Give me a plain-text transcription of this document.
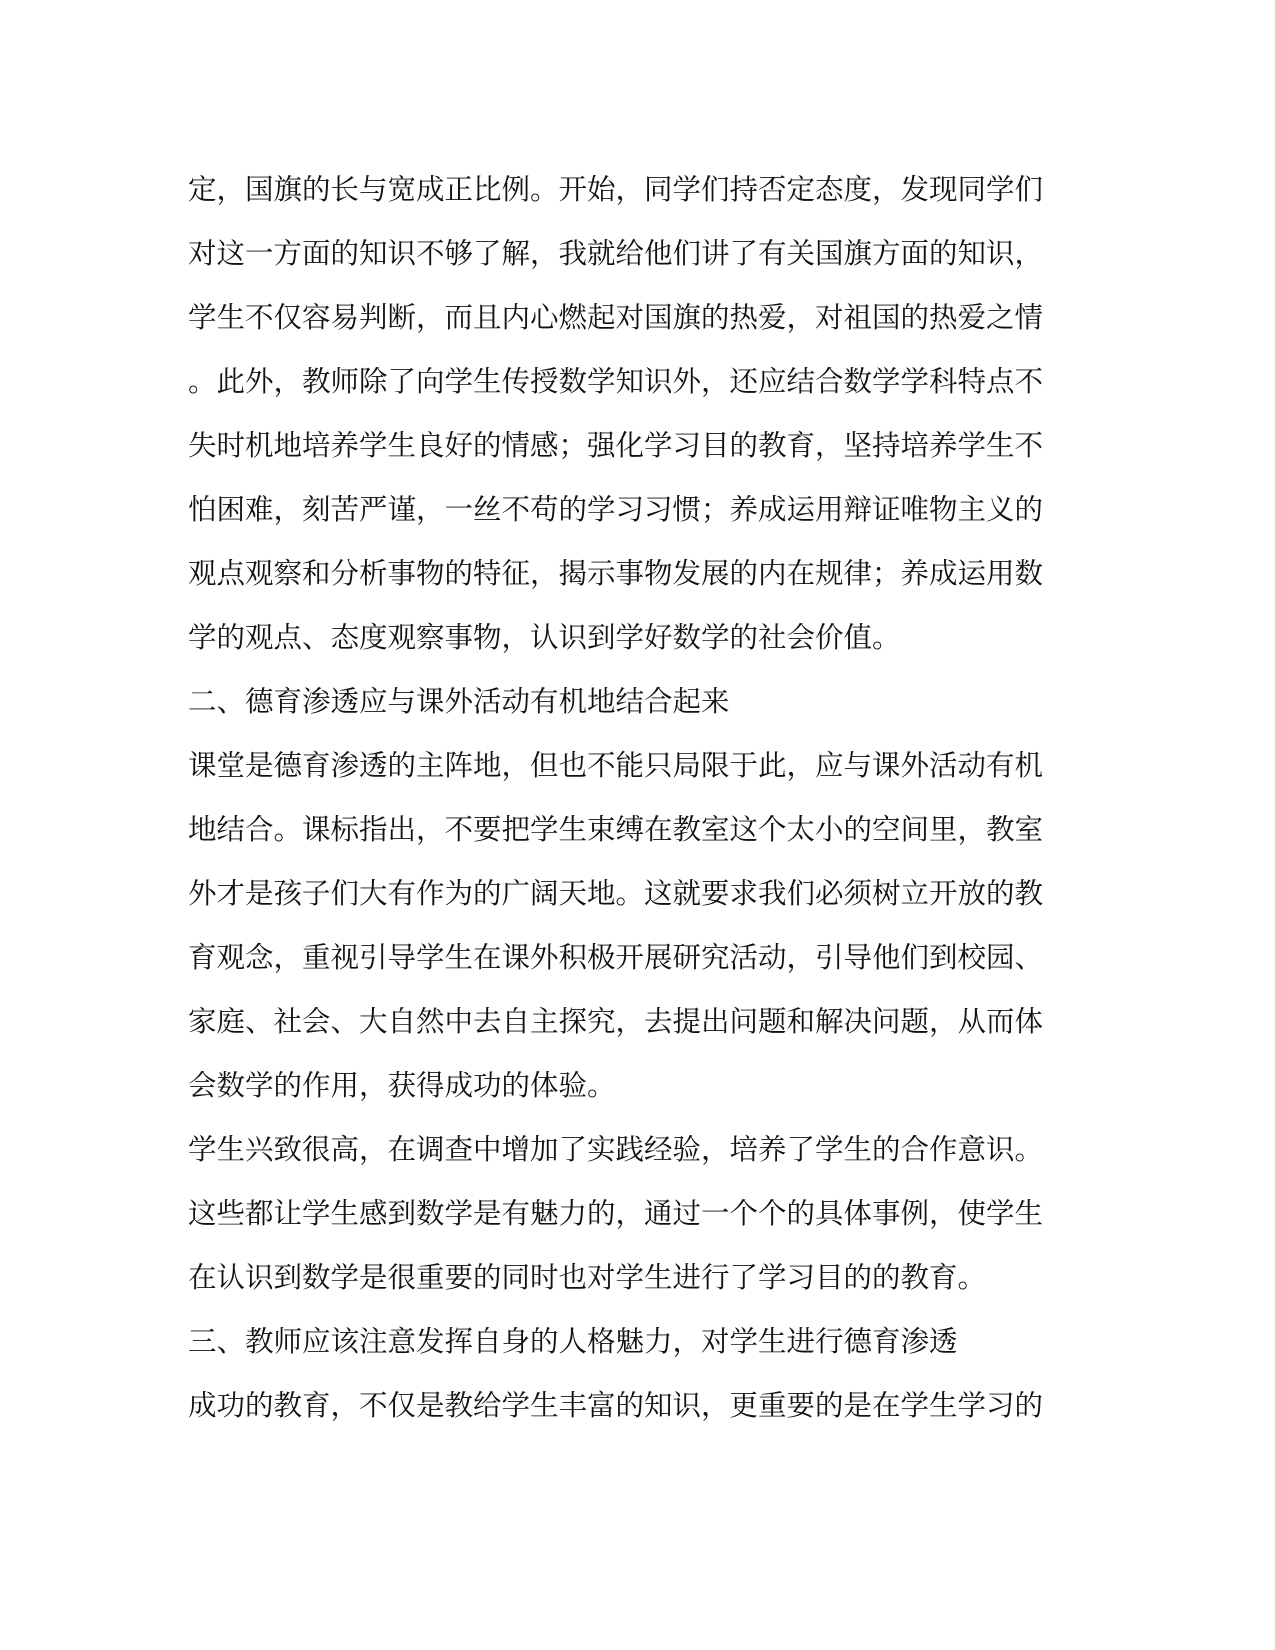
定，国旗的长与宽成正比例。开始，同学们持否定态度，发现同学们
对这一方面的知识不够了解，我就给他们讲了有关国旗方面的知识，
学生不仅容易判断，而且内心燃起对国旗的热爱，对祖国的热爱之情
。此外，教师除了向学生传授数学知识外，还应结合数学学科特点不
失时机地培养学生良好的情感；强化学习目的教育，坚持培养学生不
怕困难，刻苦严谨，一丝不苟的学习习惯；养成运用辩证唯物主义的
观点观察和分析事物的特征，揭示事物发展的内在规律；养成运用数
学的观点、态度观察事物，认识到学好数学的社会价值。
二、德育渗透应与课外活动有机地结合起来
课堂是德育渗透的主阵地，但也不能只局限于此，应与课外活动有机
地结合。课标指出，不要把学生束缚在教室这个太小的空间里，教室
外才是孩子们大有作为的广阔天地。这就要求我们必须树立开放的教
育观念，重视引导学生在课外积极开展研究活动，引导他们到校园、
家庭、社会、大自然中去自主探究，去提出问题和解决问题，从而体
会数学的作用，获得成功的体验。
学生兴致很高，在调查中增加了实践经验，培养了学生的合作意识。
这些都让学生感到数学是有魅力的，通过一个个的具体事例，使学生
在认识到数学是很重要的同时也对学生进行了学习目的的教育。
三、教师应该注意发挥自身的人格魅力，对学生进行德育渗透
成功的教育，不仅是教给学生丰富的知识，更重要的是在学生学习的
